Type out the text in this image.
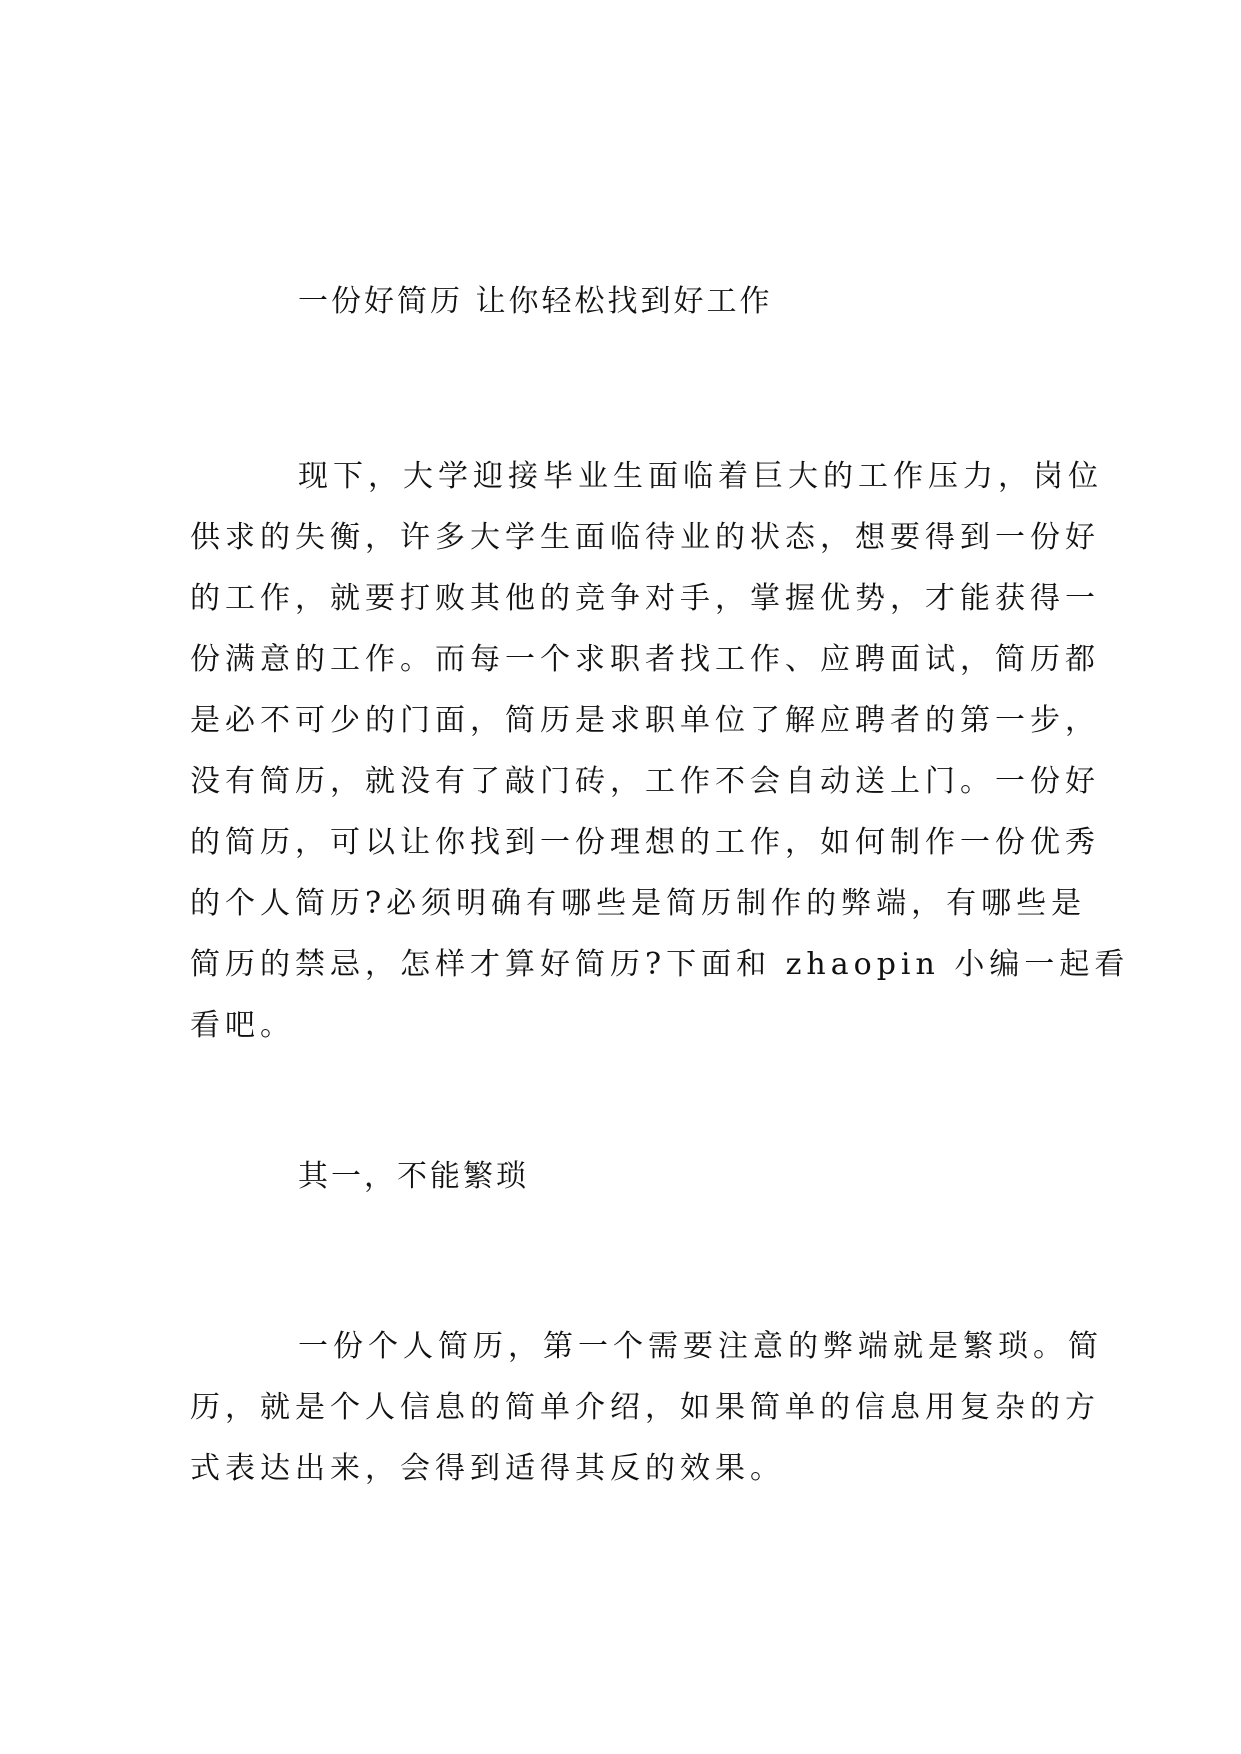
一份好简历 让你轻松找到好工作
现下，大学迎接毕业生面临着巨大的工作压力，岗位
供求的失衡，许多大学生面临待业的状态，想要得到一份好
的工作，就要打败其他的竞争对手，掌握优势，才能获得一
份满意的工作。而每一个求职者找工作、应聘面试，简历都
是必不可少的门面，简历是求职单位了解应聘者的第一步，
没有简历，就没有了敲门砖，工作不会自动送上门。一份好
的简历，可以让你找到一份理想的工作，如何制作一份优秀
的个人简历?必须明确有哪些是简历制作的弊端，有哪些是
简历的禁忌，怎样才算好简历?下面和 zhaopin 小编一起看
看吧。
其一，不能繁琐
一份个人简历，第一个需要注意的弊端就是繁琐。简
历，就是个人信息的简单介绍，如果简单的信息用复杂的方
式表达出来，会得到适得其反的效果。
